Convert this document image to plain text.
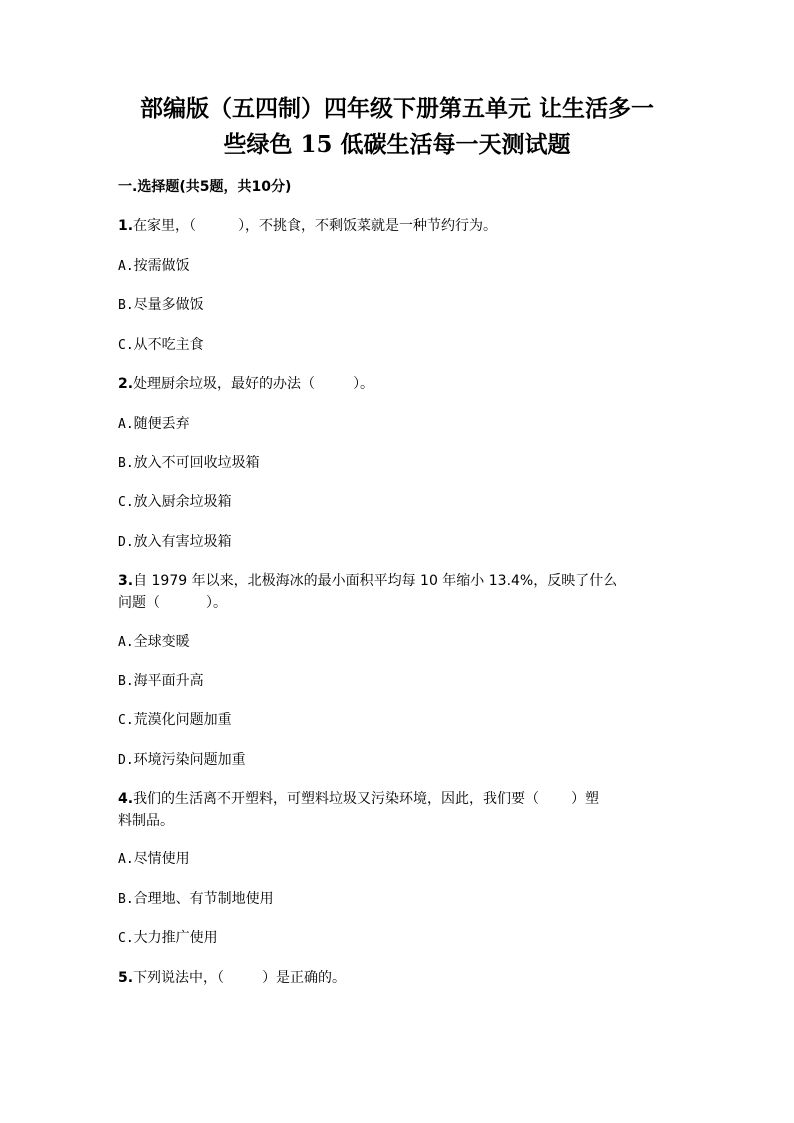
部编版（五四制）四年级下册第五单元 让生活多一
些绿色 15 低碳生活每一天测试题
一.选择题(共5题，共10分)
1.在家里，（	），不挑食，不剩饭菜就是一种节约行为。
A.按需做饭
B.尽量多做饭
C.从不吃主食
2.处理厨余垃圾，最好的办法（	）。
A.随便丢弃
B.放入不可回收垃圾箱
C.放入厨余垃圾箱
D.放入有害垃圾箱
3.自 1979 年以来，北极海冰的最小面积平均每 10 年缩小 13.4%，反映了什么
问题（	）。
A.全球变暖
B.海平面升高
C.荒漠化问题加重
D.环境污染问题加重
4.我们的生活离不开塑料，可塑料垃圾又污染环境，因此，我们要（ ）塑
料制品。
A.尽情使用
B.合理地、有节制地使用
C.大力推广使用
5.下列说法中，（	）是正确的。
